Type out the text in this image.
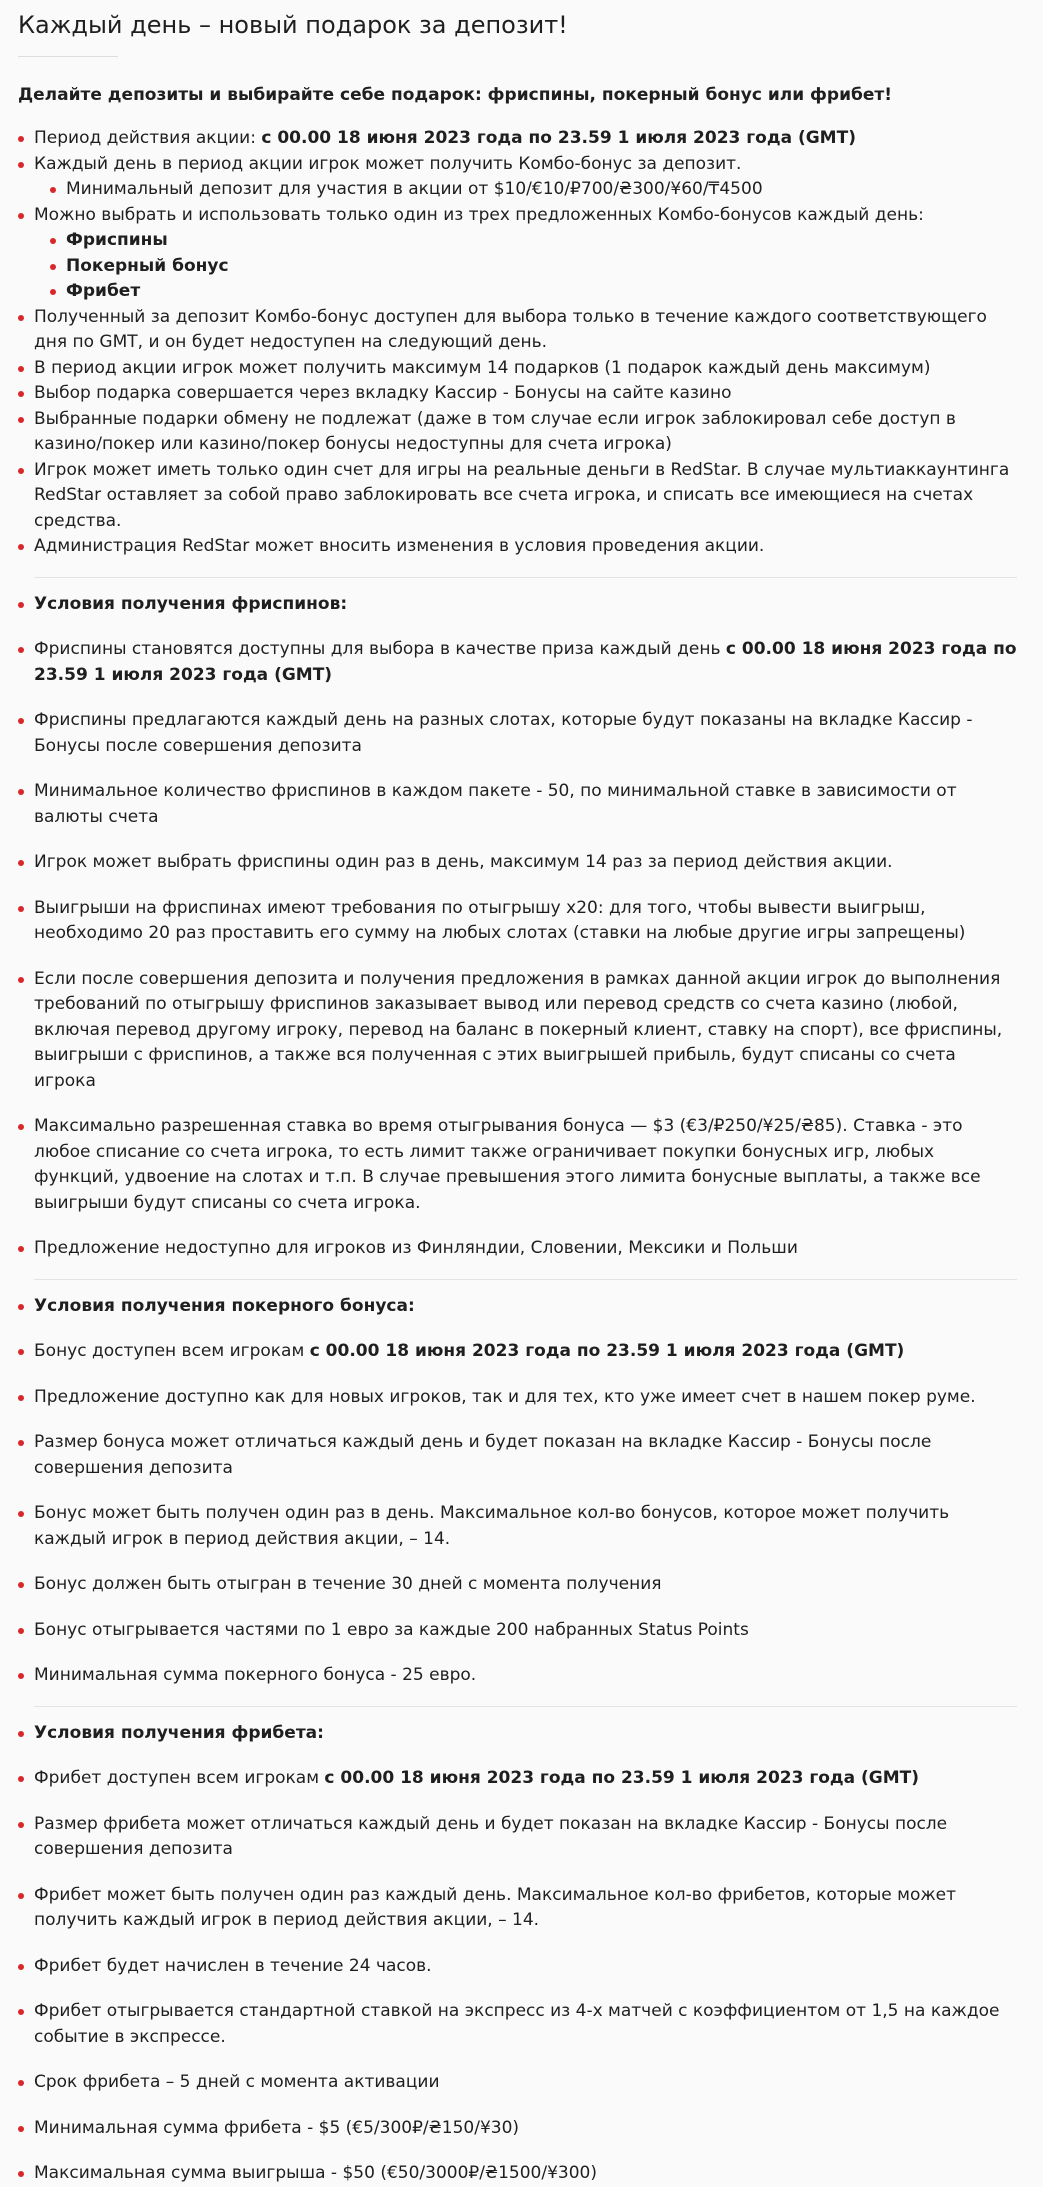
Каждый день – новый подарок за депозит!

Делайте депозиты и выбирайте себе подарок: фриспины, покерный бонус или фрибет!

Период действия акции: с 00.00 18 июня 2023 года по 23.59 1 июля 2023 года (GMT)
Каждый день в период акции игрок может получить Комбо-бонус за депозит.
Минимальный депозит для участия в акции от $10/€10/₽700/₴300/¥60/₸4500
Можно выбрать и использовать только один из трех предложенных Комбо-бонусов каждый день:
Фриспины
Покерный бонус
Фрибет
Полученный за депозит Комбо-бонус доступен для выбора только в течение каждого соответствующего дня по GMT, и он будет недоступен на следующий день.
В период акции игрок может получить максимум 14 подарков (1 подарок каждый день максимум)
Выбор подарка совершается через вкладку Кассир - Бонусы на сайте казино
Выбранные подарки обмену не подлежат (даже в том случае если игрок заблокировал себе доступ в казино/покер или казино/покер бонусы недоступны для счета игрока)
Игрок может иметь только один счет для игры на реальные деньги в RedStar. В случае мультиаккаунтинга RedStar оставляет за собой право заблокировать все счета игрока, и списать все имеющиеся на счетах средства.
Администрация RedStar может вносить изменения в условия проведения акции.
Условия получения фриспинов:
Фриспины становятся доступны для выбора в качестве приза каждый день с 00.00 18 июня 2023 года по 23.59 1 июля 2023 года (GMT)
Фриспины предлагаются каждый день на разных слотах, которые будут показаны на вкладке Кассир - Бонусы после совершения депозита
Минимальное количество фриспинов в каждом пакете - 50, по минимальной ставке в зависимости от валюты счета
Игрок может выбрать фриспины один раз в день, максимум 14 раз за период действия акции.
Выигрыши на фриспинах имеют требования по отыгрышу х20: для того, чтобы вывести выигрыш, необходимо 20 раз проставить его сумму на любых слотах (ставки на любые другие игры запрещены)
Если после совершения депозита и получения предложения в рамках данной акции игрок до выполнения требований по отыгрышу фриспинов заказывает вывод или перевод средств со счета казино (любой, включая перевод другому игроку, перевод на баланс в покерный клиент, ставку на спорт), все фриспины, выигрыши с фриспинов, а также вся полученная с этих выигрышей прибыль, будут списаны со счета игрока
Максимально разрешенная ставка во время отыгрывания бонуса — $3 (€3/₽250/¥25/₴85). Ставка - это любое списание со счета игрока, то есть лимит также ограничивает покупки бонусных игр, любых функций, удвоение на слотах и т.п. В случае превышения этого лимита бонусные выплаты, а также все выигрыши будут списаны со счета игрока.
Предложение недоступно для игроков из Финляндии, Словении, Мексики и Польши
Условия получения покерного бонуса:
Бонус доступен всем игрокам с 00.00 18 июня 2023 года по 23.59 1 июля 2023 года (GMT)
Предложение доступно как для новых игроков, так и для тех, кто уже имеет счет в нашем покер руме.
Размер бонуса может отличаться каждый день и будет показан на вкладке Кассир - Бонусы после совершения депозита
Бонус может быть получен один раз в день. Максимальное кол-во бонусов, которое может получить каждый игрок в период действия акции, – 14.
Бонус должен быть отыгран в течение 30 дней с момента получения
Бонус отыгрывается частями по 1 евро за каждые 200 набранных Status Points
Минимальная сумма покерного бонуса - 25 евро.
Условия получения фрибета:
Фрибет доступен всем игрокам с 00.00 18 июня 2023 года по 23.59 1 июля 2023 года (GMT)
Размер фрибета может отличаться каждый день и будет показан на вкладке Кассир - Бонусы после совершения депозита
Фрибет может быть получен один раз каждый день. Максимальное кол-во фрибетов, которые может получить каждый игрок в период действия акции, – 14.
Фрибет будет начислен в течение 24 часов.
Фрибет отыгрывается стандартной ставкой на экспресс из 4-х матчей с коэффициентом от 1,5 на каждое событие в экспрессе.
Срок фрибета – 5 дней с момента активации
Минимальная сумма фрибета - $5 (€5/300₽/₴150/¥30)
Максимальная сумма выигрыша - $50 (€50/3000₽/₴1500/¥300)
